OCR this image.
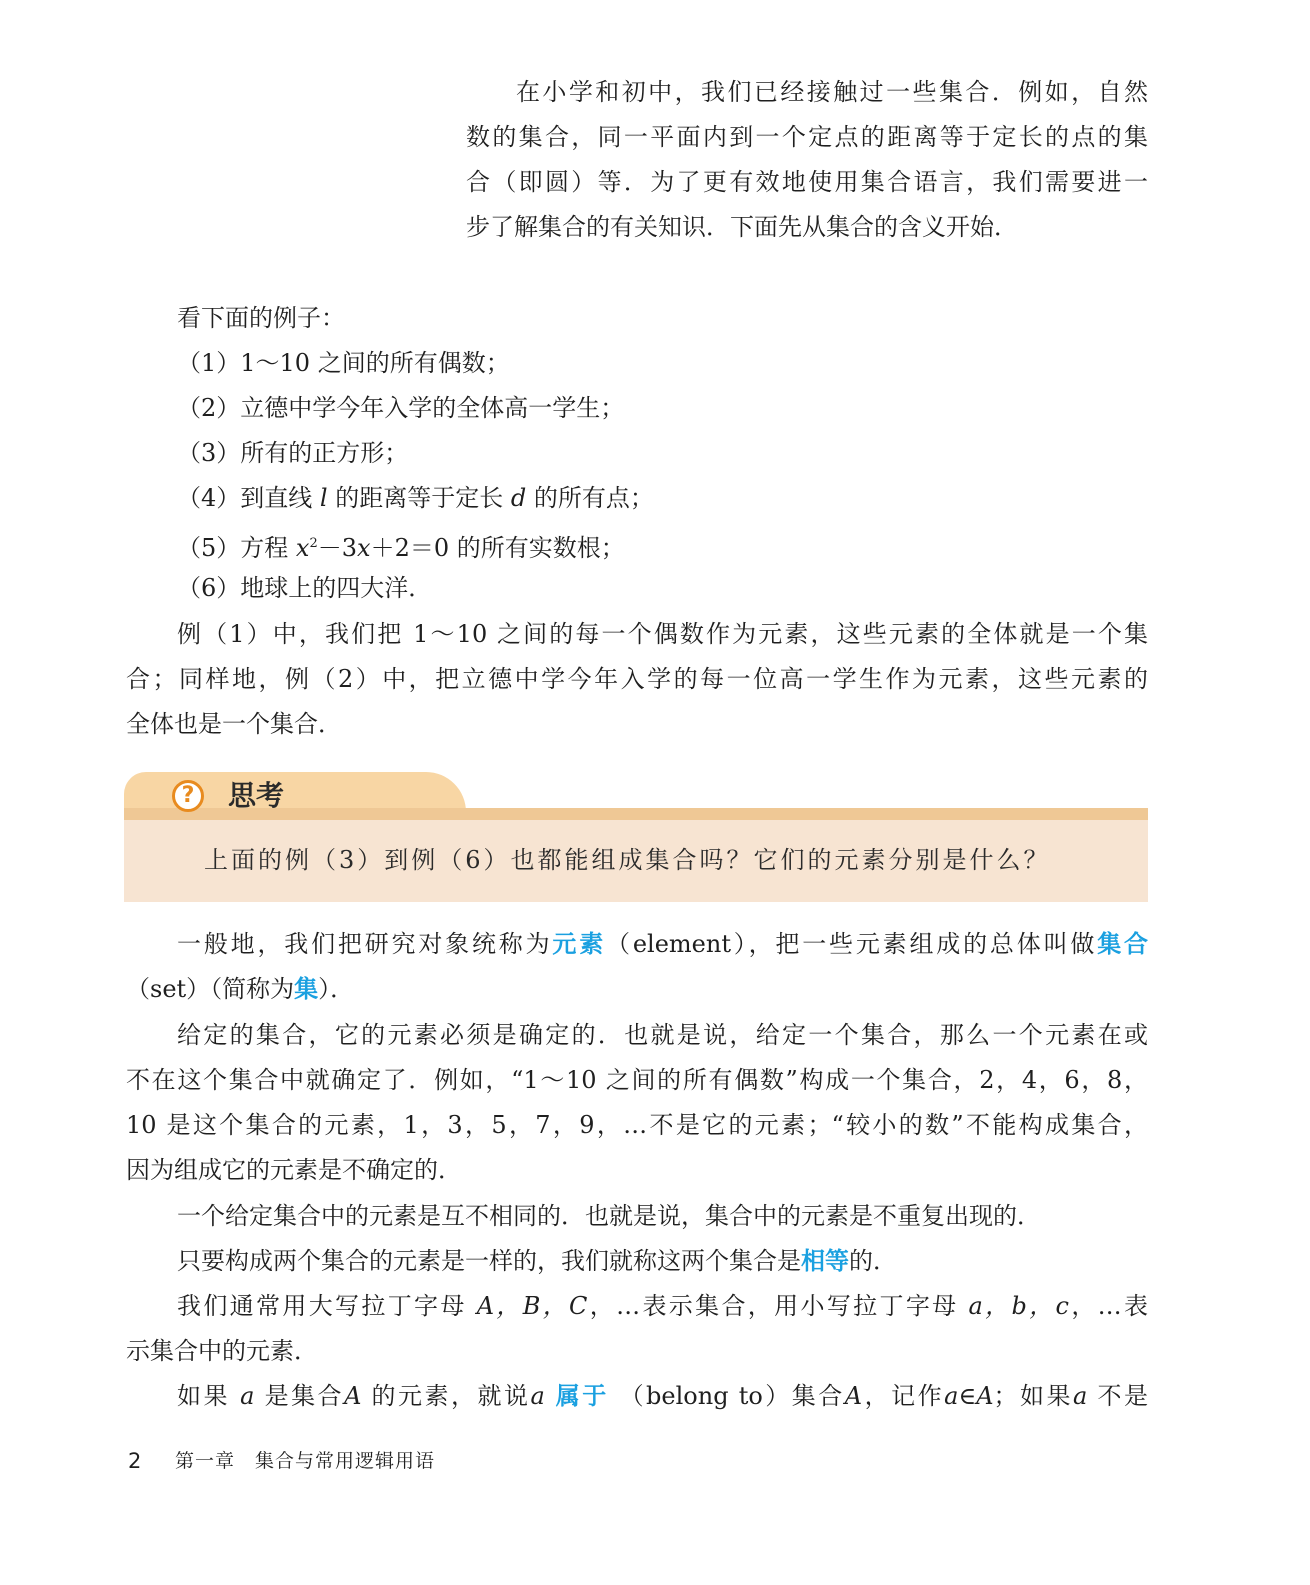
在小学和初中，我们已经接触过一些集合．例如，自然

数的集合，同一平面内到一个定点的距离等于定长的点的集

合（即圆）等．为了更有效地使用集合语言，我们需要进一

步了解集合的有关知识．下面先从集合的含义开始．

看下面的例子：

（1）1～10 之间的所有偶数；

（2）立德中学今年入学的全体高一学生；

（3）所有的正方形；

（4）到直线 l 的距离等于定长 d 的所有点；

（5）方程 $x^2-3x+2=0$ 的所有实数根；

（6）地球上的四大洋．

例（1）中，我们把 1～10 之间的每一个偶数作为元素，这些元素的全体就是一个集

合；同样地，例（2）中，把立德中学今年入学的每一位高一学生作为元素，这些元素的

全体也是一个集合．

?	思考
上面的例（3）到例（6）也都能组成集合吗？它们的元素分别是什么？

一般地，我们把研究对象统称为元素（element），把一些元素组成的总体叫做集合

（set）（简称为集）．

给定的集合，它的元素必须是确定的．也就是说，给定一个集合，那么一个元素在或

不在这个集合中就确定了．例如，“1～10 之间的所有偶数”构成一个集合，2，4，6，8，

10 是这个集合的元素，1，3，5，7，9，…不是它的元素；“较小的数”不能构成集合，

因为组成它的元素是不确定的．

一个给定集合中的元素是互不相同的．也就是说，集合中的元素是不重复出现的．

只要构成两个集合的元素是一样的，我们就称这两个集合是相等的．

我们通常用大写拉丁字母 A，B，C，…表示集合，用小写拉丁字母 a，b，c，…表

示集合中的元素．

如果 a 是集合A 的元素，就说a 属于 （belong to）集合A，记作a∈A；如果a 不是

2 第一章　集合与常用逻辑用语
